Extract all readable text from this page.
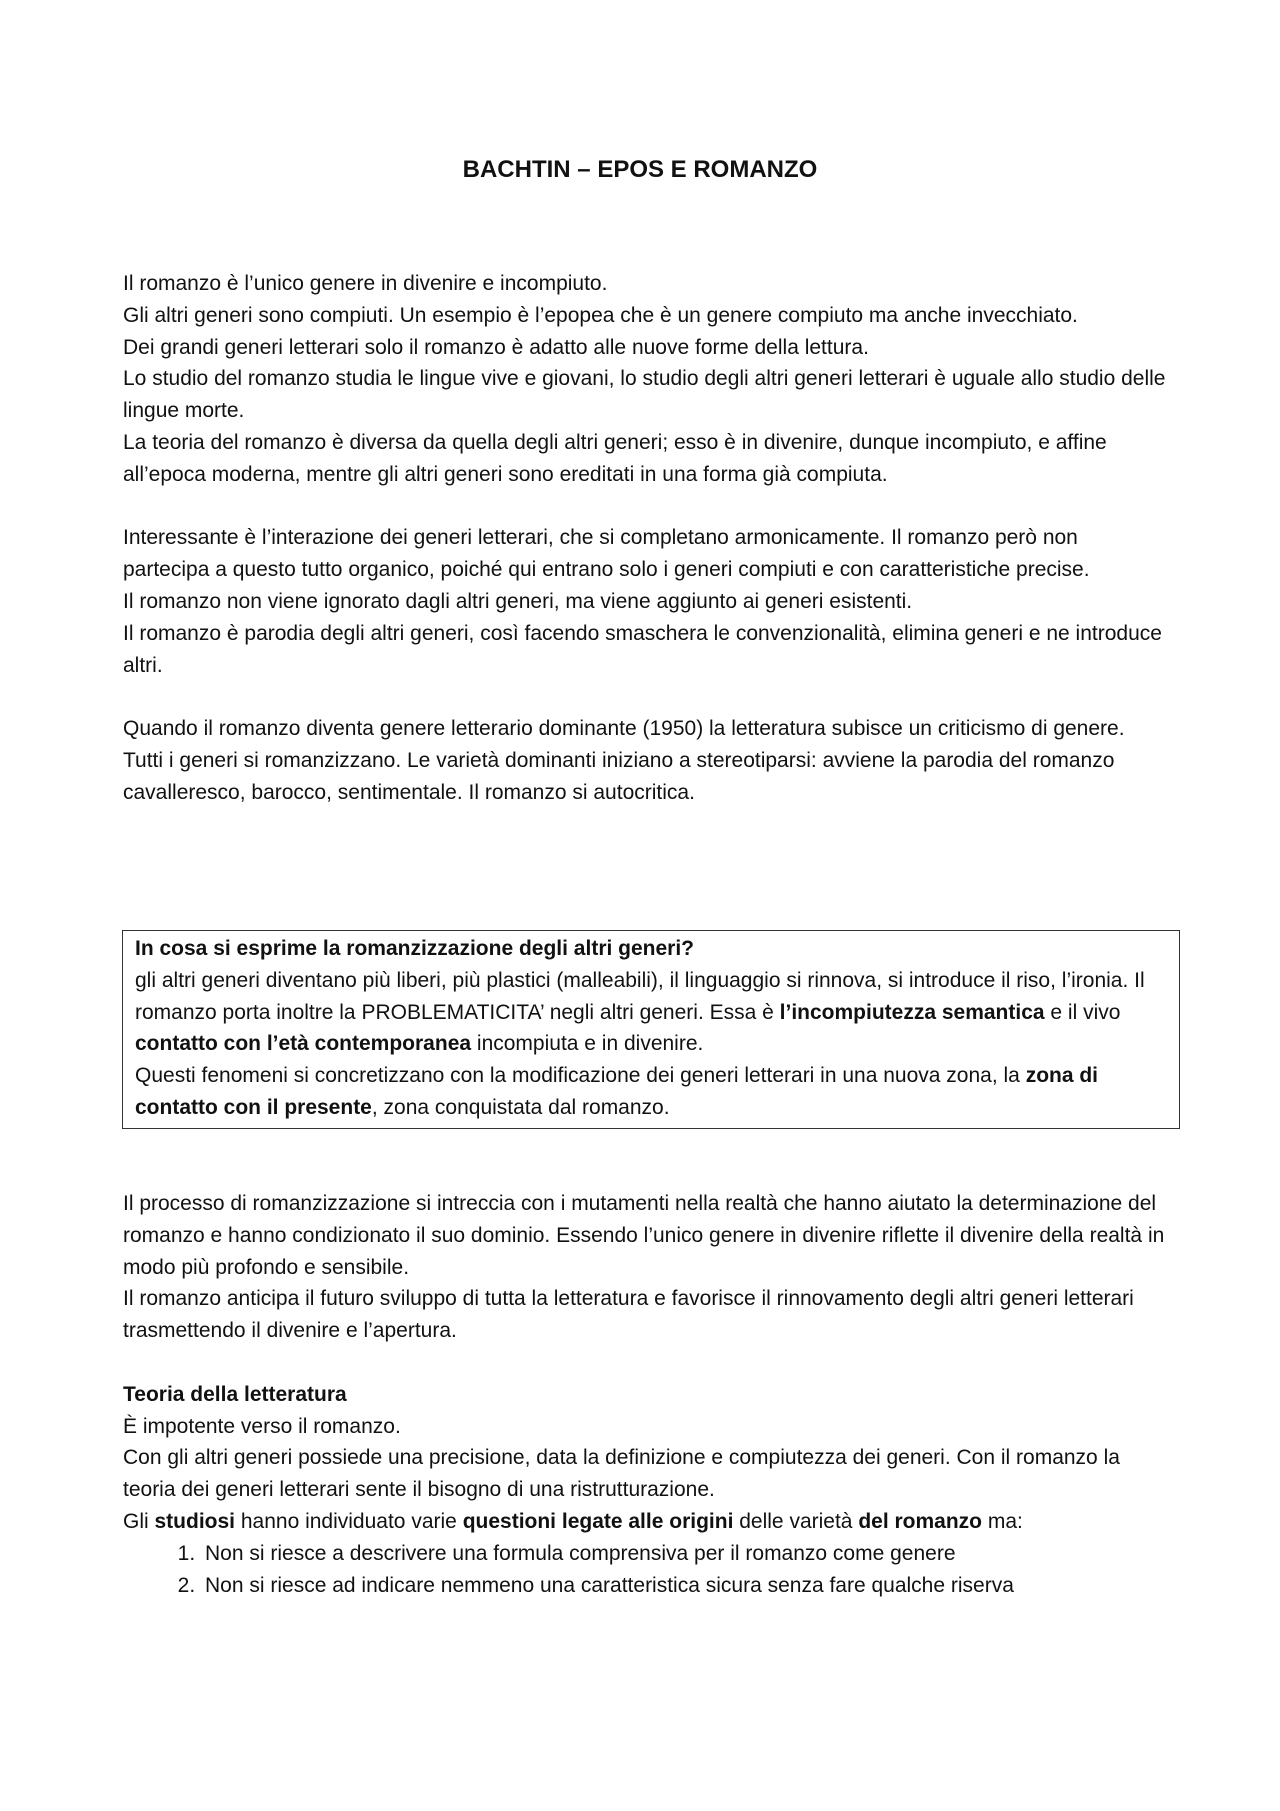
BACHTIN – EPOS E ROMANZO

Il romanzo è l’unico genere in divenire e incompiuto.

Gli altri generi sono compiuti. Un esempio è l’epopea che è un genere compiuto ma anche invecchiato.

Dei grandi generi letterari solo il romanzo è adatto alle nuove forme della lettura.

Lo studio del romanzo studia le lingue vive e giovani, lo studio degli altri generi letterari è uguale allo studio delle lingue morte.

La teoria del romanzo è diversa da quella degli altri generi; esso è in divenire, dunque incompiuto, e affine all’epoca moderna, mentre gli altri generi sono ereditati in una forma già compiuta.

Interessante è l’interazione dei generi letterari, che si completano armonicamente. Il romanzo però non partecipa a questo tutto organico, poiché qui entrano solo i generi compiuti e con caratteristiche precise.

Il romanzo non viene ignorato dagli altri generi, ma viene aggiunto ai generi esistenti.

Il romanzo è parodia degli altri generi, così facendo smaschera le convenzionalità, elimina generi e ne introduce altri.

Quando il romanzo diventa genere letterario dominante (1950) la letteratura subisce un criticismo di genere.

Tutti i generi si romanzizzano. Le varietà dominanti iniziano a stereotiparsi: avviene la parodia del romanzo cavalleresco, barocco, sentimentale. Il romanzo si autocritica.

In cosa si esprime la romanzizzazione degli altri generi?

gli altri generi diventano più liberi, più plastici (malleabili), il linguaggio si rinnova, si introduce il riso, l’ironia. Il romanzo porta inoltre la PROBLEMATICITA’ negli altri generi. Essa è l’incompiutezza semantica e il vivo contatto con l’età contemporanea incompiuta e in divenire.

Questi fenomeni si concretizzano con la modificazione dei generi letterari in una nuova zona, la zona di contatto con il presente, zona conquistata dal romanzo.

Il processo di romanzizzazione si intreccia con i mutamenti nella realtà che hanno aiutato la determinazione del romanzo e hanno condizionato il suo dominio. Essendo l’unico genere in divenire riflette il divenire della realtà in modo più profondo e sensibile.

Il romanzo anticipa il futuro sviluppo di tutta la letteratura e favorisce il rinnovamento degli altri generi letterari trasmettendo il divenire e l’apertura.

Teoria della letteratura

È impotente verso il romanzo.

Con gli altri generi possiede una precisione, data la definizione e compiutezza dei generi. Con il romanzo la teoria dei generi letterari sente il bisogno di una ristrutturazione.

Gli studiosi hanno individuato varie questioni legate alle origini delle varietà del romanzo ma:

1. Non si riesce a descrivere una formula comprensiva per il romanzo come genere
2. Non si riesce ad indicare nemmeno una caratteristica sicura senza fare qualche riserva
